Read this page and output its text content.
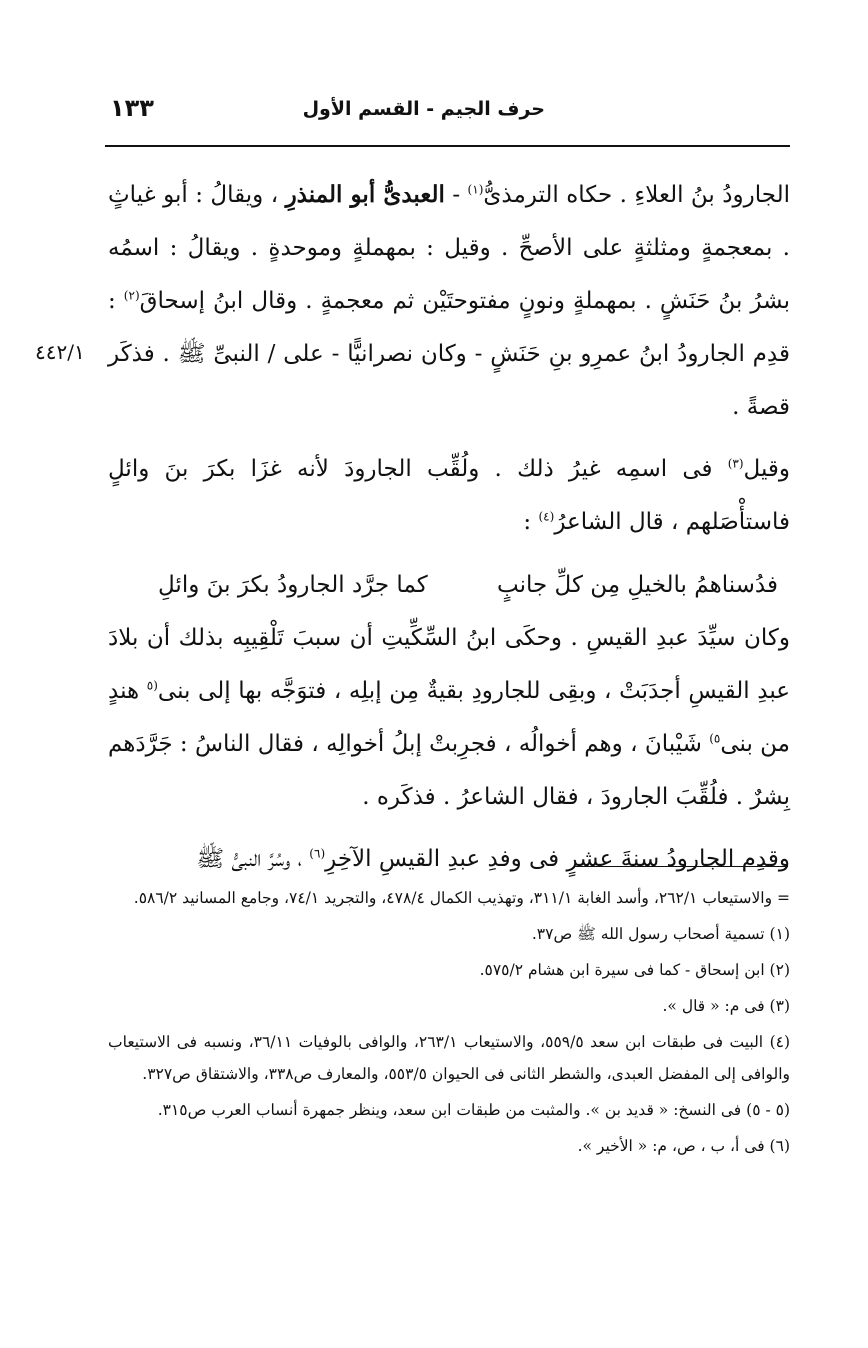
حرف الجيم - القسم الأول
١٣٣
٤٤٢/١

الجارودُ بنُ العلاءِ . حكاه الترمذىُّ$^{(١)}$ - العبدىُّ أبو المنذرِ ، ويقالُ : أبو غياثٍ . بمعجمةٍ ومثلثةٍ على الأصحِّ . وقيل : بمهملةٍ وموحدةٍ . ويقالُ : اسمُه بشرُ بنُ حَنَشٍ . بمهملةٍ ونونٍ مفتوحتَيْن ثم معجمةٍ . وقال ابنُ إسحاقَ$^{(٢)}$ : قدِم الجارودُ ابنُ عمرِو بنِ حَنَشٍ - وكان نصرانيًّا - على / النبىِّ ﷺ . فذكَر قصةً .

وقيل$^{(٣)}$ فى اسمِه غيرُ ذلك . ولُقِّب الجارودَ لأنه غزَا بكرَ بنَ وائلٍ فاستأْصَلهم ، قال الشاعرُ$^{(٤)}$ :

فدُسناهمُ بالخيلِ مِن كلِّ جانبٍ
كما جرَّد الجارودُ بكرَ بنَ وائلِ

وكان سيِّدَ عبدِ القيسِ . وحكَى ابنُ السِّكِّيتِ أن سببَ تَلْقِيبِه بذلك أن بلادَ عبدِ القيسِ أجدَبَتْ ، وبقِى للجارودِ بقيةٌ مِن إبلِه ، فتوَجَّه بها إلى بنى$^{(٥}$ هندٍ من بنى$^{٥)}$ شَيْبانَ ، وهم أخوالُه ، فجرِبتْ إبلُ أخوالِه ، فقال الناسُ : جَرَّدَهم بِشرٌ . فلُقِّبَ الجارودَ ، فقال الشاعرُ . فذكَره .

وقدِم الجارودُ سنةَ عشرٍ فى وفدِ عبدِ القيسِ الآخِرِ$^{(٦)}$ ، وسُرَّ النبىُّ ﷺ

= والاستيعاب ٢٦٢/١، وأسد الغابة ٣١١/١، وتهذيب الكمال ٤٧٨/٤، والتجريد ٧٤/١، وجامع المسانيد ٥٨٦/٢.

(١) تسمية أصحاب رسول الله ﷺ ص٣٧.

(٢) ابن إسحاق - كما فى سيرة ابن هشام ٥٧٥/٢.

(٣) فى م: « قال ».

(٤) البيت فى طبقات ابن سعد ٥٥٩/٥، والاستيعاب ٢٦٣/١، والوافى بالوفيات ٣٦/١١، ونسبه فى الاستيعاب والوافى إلى المفضل العبدى، والشطر الثانى فى الحيوان ٥٥٣/٥، والمعارف ص٣٣٨، والاشتقاق ص٣٢٧.

(٥ - ٥) فى النسخ: « قديد بن ». والمثبت من طبقات ابن سعد، وينظر جمهرة أنساب العرب ص٣١٥.

(٦) فى أ، ب ، ص، م: « الأخير ».
